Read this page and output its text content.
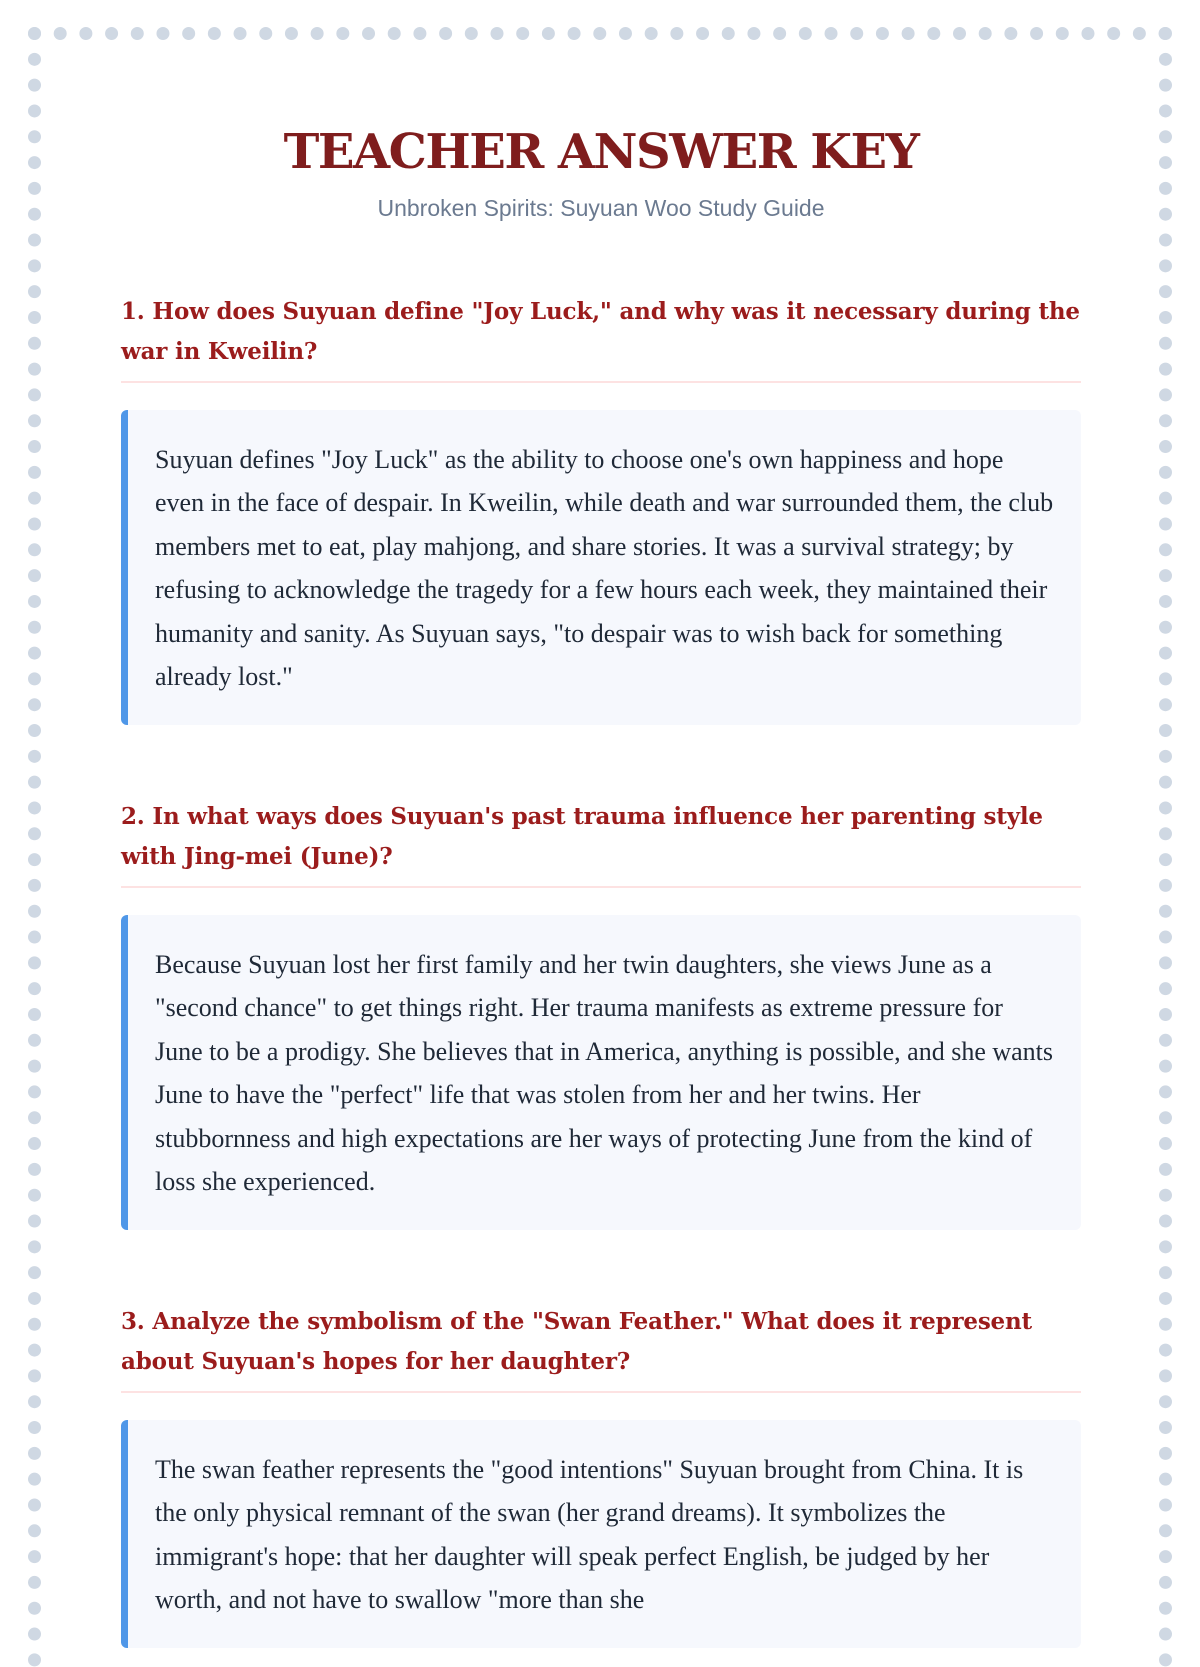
TEACHER ANSWER KEY
Unbroken Spirits: Suyuan Woo Study Guide
1. How does Suyuan define "Joy Luck," and why was it necessary during the war in Kweilin?
Suyuan defines "Joy Luck" as the ability to choose one's own happiness and hope even in the face of despair. In Kweilin, while death and war surrounded them, the club members met to eat, play mahjong, and share stories. It was a survival strategy; by refusing to acknowledge the tragedy for a few hours each week, they maintained their humanity and sanity. As Suyuan says, "to despair was to wish back for something already lost."
2. In what ways does Suyuan's past trauma influence her parenting style with Jing-mei (June)?
Because Suyuan lost her first family and her twin daughters, she views June as a "second chance" to get things right. Her trauma manifests as extreme pressure for June to be a prodigy. She believes that in America, anything is possible, and she wants June to have the "perfect" life that was stolen from her and her twins. Her stubbornness and high expectations are her ways of protecting June from the kind of loss she experienced.
3. Analyze the symbolism of the "Swan Feather." What does it represent about Suyuan's hopes for her daughter?
The swan feather represents the "good intentions" Suyuan brought from China. It is the only physical remnant of the swan (her grand dreams). It symbolizes the immigrant's hope: that her daughter will speak perfect English, be judged by her worth, and not have to swallow "more than she
